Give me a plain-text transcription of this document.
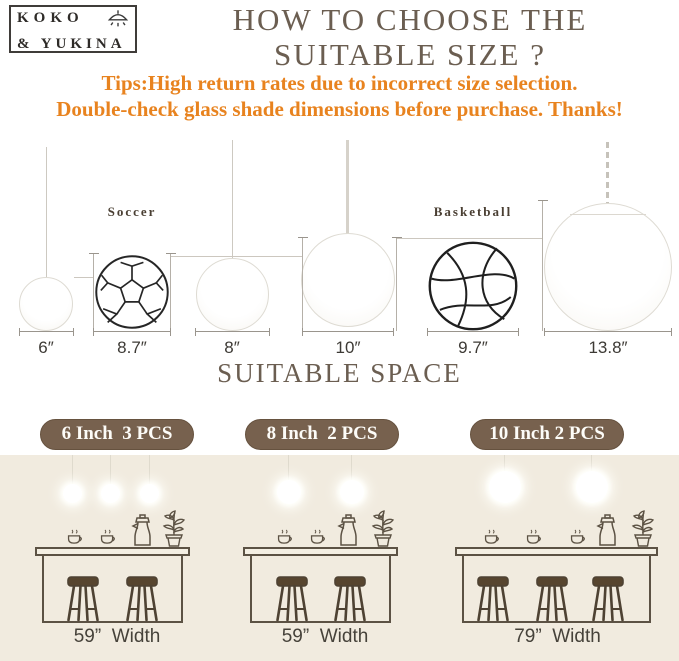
KOKO
& YUKINA
HOW TO CHOOSE THE
SUITABLE SIZE ?
Tips:High return rates due to incorrect size selection.
Double-check glass shade dimensions before purchase. Thanks!
6″
Soccer
8.7″	8″	10″
Basketball
9.7″	13.8″
SUITABLE SPACE
6 Inch  3 PCS	8 Inch  2 PCS	10 Inch 2 PCS
59”  Width	59”  Width	79”  Width
